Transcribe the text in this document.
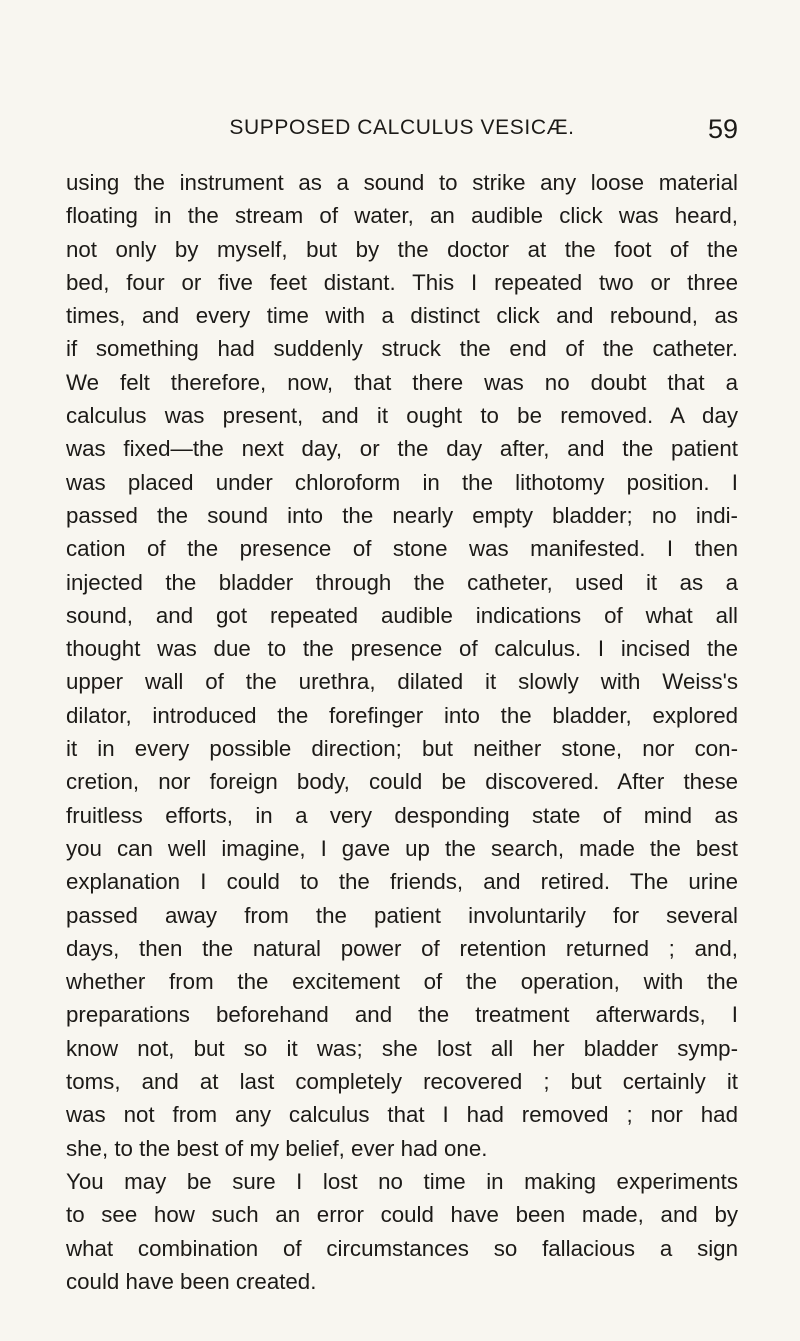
SUPPOSED CALCULUS VESICÆ.	59
using the instrument as a sound to strike any loose material
floating in the stream of water, an audible click was heard,
not only by myself, but by the doctor at the foot of the
bed, four or five feet distant. This I repeated two or three
times, and every time with a distinct click and rebound, as
if something had suddenly struck the end of the catheter.
We felt therefore, now, that there was no doubt that a
calculus was present, and it ought to be removed. A day
was fixed—the next day, or the day after, and the patient
was placed under chloroform in the lithotomy position. I
passed the sound into the nearly empty bladder; no indi-
cation of the presence of stone was manifested. I then
injected the bladder through the catheter, used it as a
sound, and got repeated audible indications of what all
thought was due to the presence of calculus. I incised the
upper wall of the urethra, dilated it slowly with Weiss's
dilator, introduced the forefinger into the bladder, explored
it in every possible direction; but neither stone, nor con-
cretion, nor foreign body, could be discovered. After these
fruitless efforts, in a very desponding state of mind as
you can well imagine, I gave up the search, made the best
explanation I could to the friends, and retired. The urine
passed away from the patient involuntarily for several
days, then the natural power of retention returned ; and,
whether from the excitement of the operation, with the
preparations beforehand and the treatment afterwards, I
know not, but so it was; she lost all her bladder symp-
toms, and at last completely recovered ; but certainly it
was not from any calculus that I had removed ; nor had
she, to the best of my belief, ever had one.
You may be sure I lost no time in making experiments
to see how such an error could have been made, and by
what combination of circumstances so fallacious a sign
could have been created.
